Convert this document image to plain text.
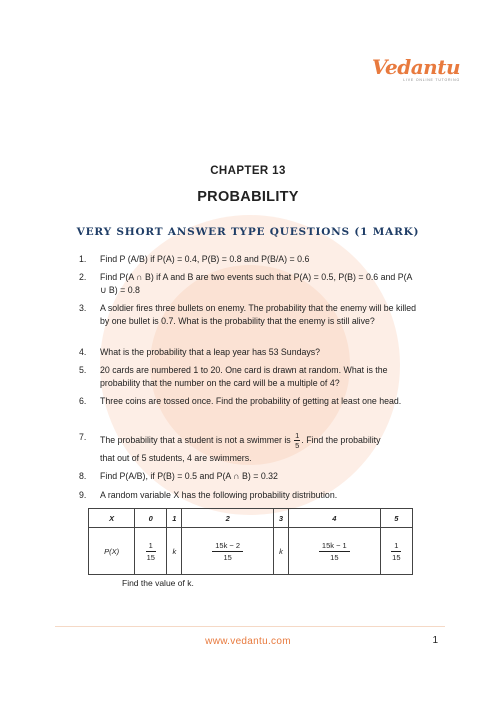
Vedantu
LIVE ONLINE TUTORING
CHAPTER 13
PROBABILITY
VERY SHORT ANSWER TYPE QUESTIONS (1 MARK)
1. Find P (A/B) if P(A) = 0.4, P(B) = 0.8 and P(B/A) = 0.6
2. Find P(A ∩ B) if A and B are two events such that P(A) = 0.5, P(B) = 0.6 and P(A ∪ B) = 0.8
3. A soldier fires three bullets on enemy. The probability that the enemy will be killed by one bullet is 0.7. What is the probability that the enemy is still alive?
4. What is the probability that a leap year has 53 Sundays?
5. 20 cards are numbered 1 to 20. One card is drawn at random. What is the probability that the number on the card will be a multiple of 4?
6. Three coins are tossed once. Find the probability of getting at least one head.
7. The probability that a student is not a swimmer is $\frac{1}{5}$ . Find the probability
that out of 5 students, 4 are swimmers.
8. Find P(A/B), if P(B) = 0.5 and P(A ∩ B) = 0.32
9. A random variable X has the following probability distribution.
X	0	1	2	3	4	5
P(X)	$\frac{1}{15}$	k	$\frac{15k - 2}{15}$	k	$\frac{15k - 1}{15}$	$\frac{1}{15}$
Find the value of k.
www.vedantu.com	1
